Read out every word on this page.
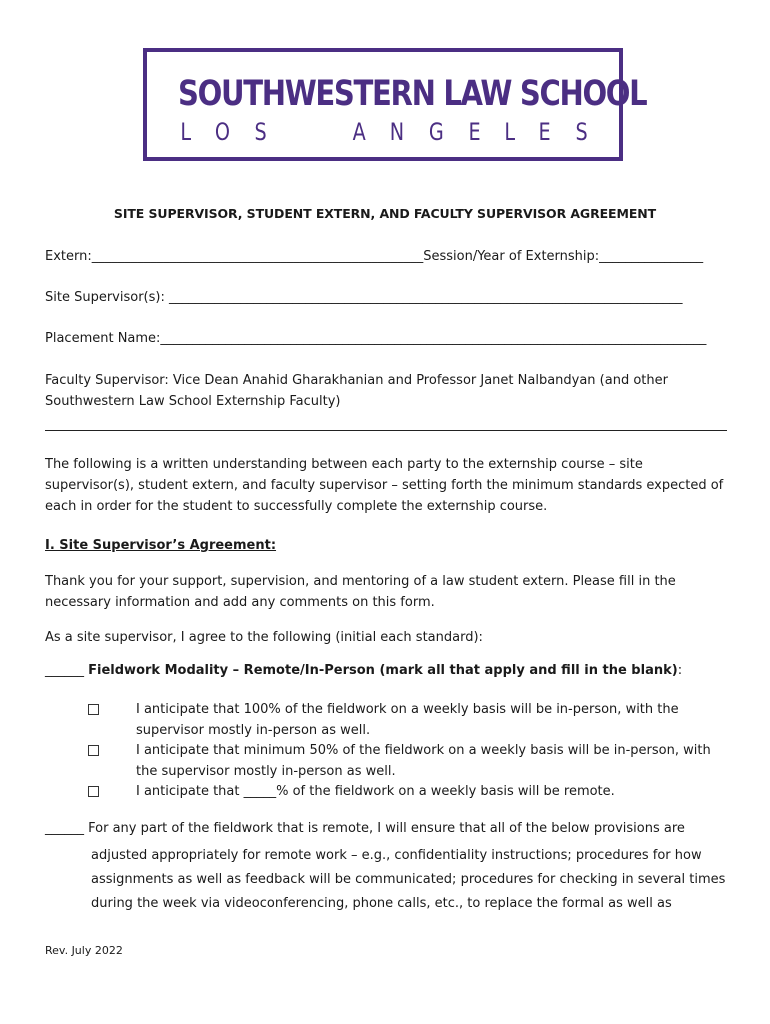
SOUTHWESTERN LAW SCHOOL
L O S	A N G E L E S
SITE SUPERVISOR, STUDENT EXTERN, AND FACULTY SUPERVISOR AGREEMENT
Extern:___________________________________________________Session/Year of Externship:________________
Site Supervisor(s): _______________________________________________________________________________
Placement Name:____________________________________________________________________________________
Faculty Supervisor: Vice Dean Anahid Gharakhanian and Professor Janet Nalbandyan (and other Southwestern Law School Externship Faculty)
The following is a written understanding between each party to the externship course – site supervisor(s), student extern, and faculty supervisor – setting forth the minimum standards expected of each in order for the student to successfully complete the externship course.
I. Site Supervisor’s Agreement:
Thank you for your support, supervision, and mentoring of a law student extern. Please fill in the necessary information and add any comments on this form.
As a site supervisor, I agree to the following (initial each standard):
______ Fieldwork Modality – Remote/In-Person (mark all that apply and fill in the blank):
I anticipate that 100% of the fieldwork on a weekly basis will be in-person, with the supervisor mostly in-person as well.
I anticipate that minimum 50% of the fieldwork on a weekly basis will be in-person, with the supervisor mostly in-person as well.
I anticipate that _____% of the fieldwork on a weekly basis will be remote.
______ For any part of the fieldwork that is remote, I will ensure that all of the below provisions are
adjusted appropriately for remote work – e.g., confidentiality instructions; procedures for how assignments as well as feedback will be communicated; procedures for checking in several times during the week via videoconferencing, phone calls, etc., to replace the formal as well as
Rev. July 2022
